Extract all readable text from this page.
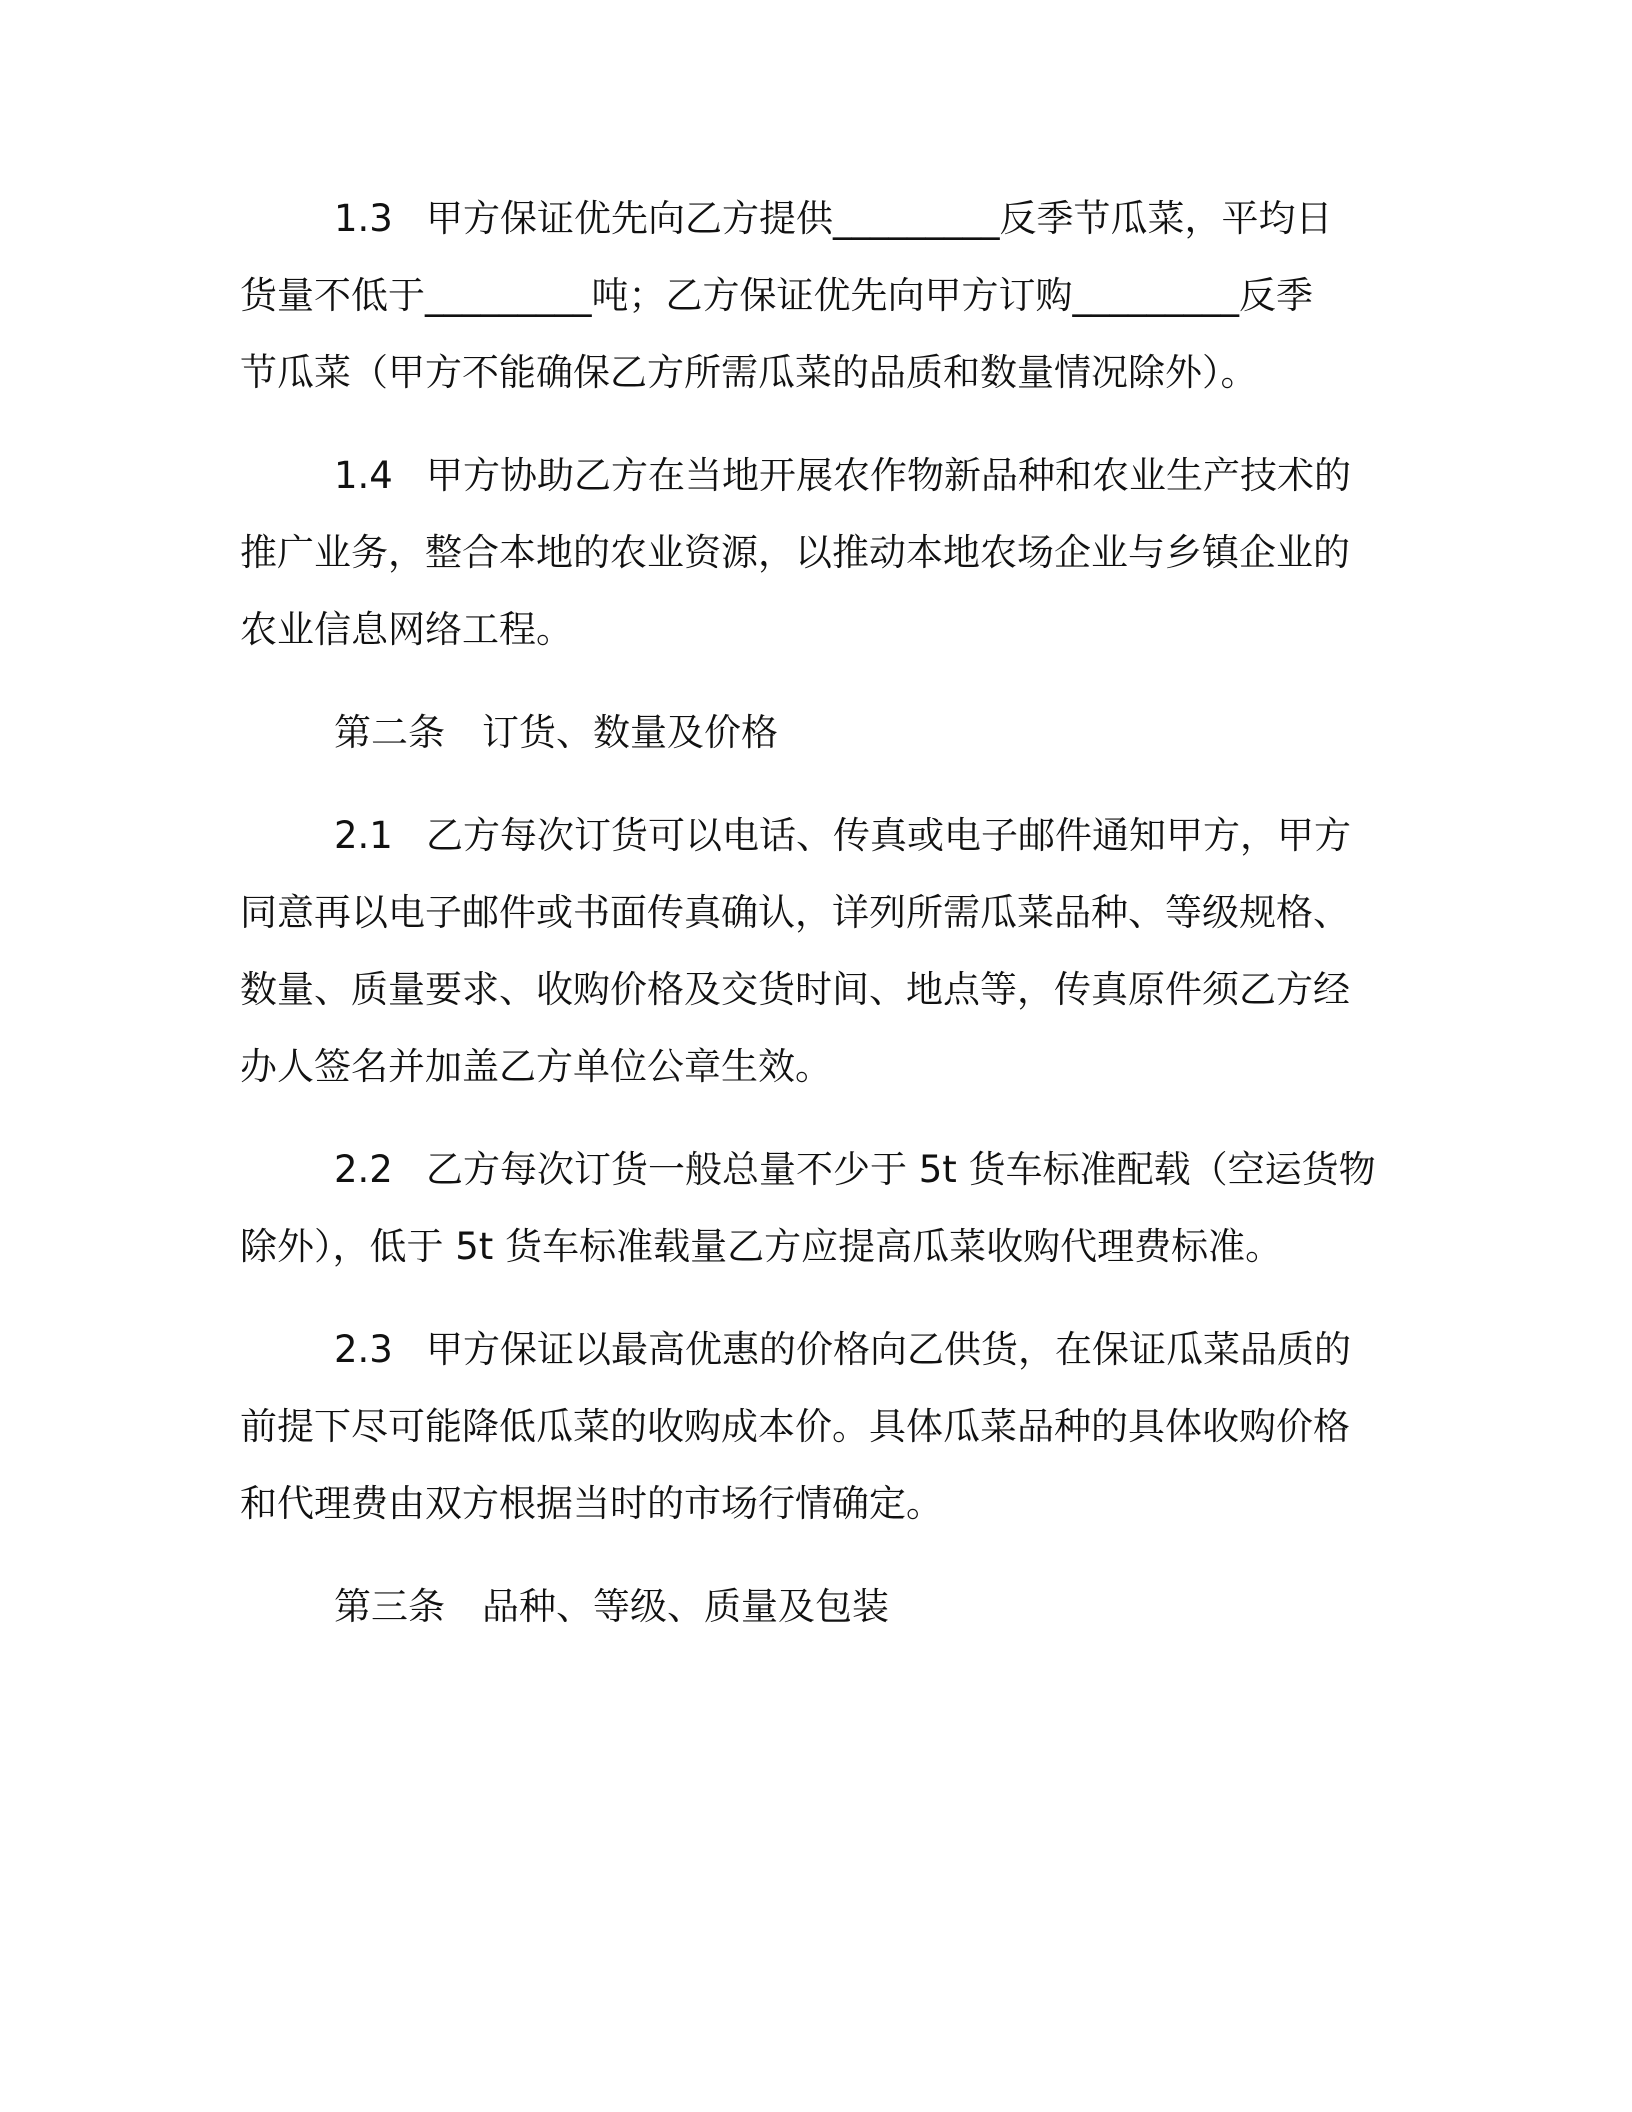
1.3 甲方保证优先向乙方提供_________反季节瓜菜，平均日
货量不低于_________吨；乙方保证优先向甲方订购_________反季
节瓜菜（甲方不能确保乙方所需瓜菜的品质和数量情况除外）。
1.4 甲方协助乙方在当地开展农作物新品种和农业生产技术的
推广业务，整合本地的农业资源，以推动本地农场企业与乡镇企业的
农业信息网络工程。
第二条 订货、数量及价格
2.1 乙方每次订货可以电话、传真或电子邮件通知甲方，甲方
同意再以电子邮件或书面传真确认，详列所需瓜菜品种、等级规格、
数量、质量要求、收购价格及交货时间、地点等，传真原件须乙方经
办人签名并加盖乙方单位公章生效。
2.2 乙方每次订货一般总量不少于 5t 货车标准配载（空运货物
除外），低于 5t 货车标准载量乙方应提高瓜菜收购代理费标准。
2.3 甲方保证以最高优惠的价格向乙供货，在保证瓜菜品质的
前提下尽可能降低瓜菜的收购成本价。具体瓜菜品种的具体收购价格
和代理费由双方根据当时的市场行情确定。
第三条 品种、等级、质量及包装
